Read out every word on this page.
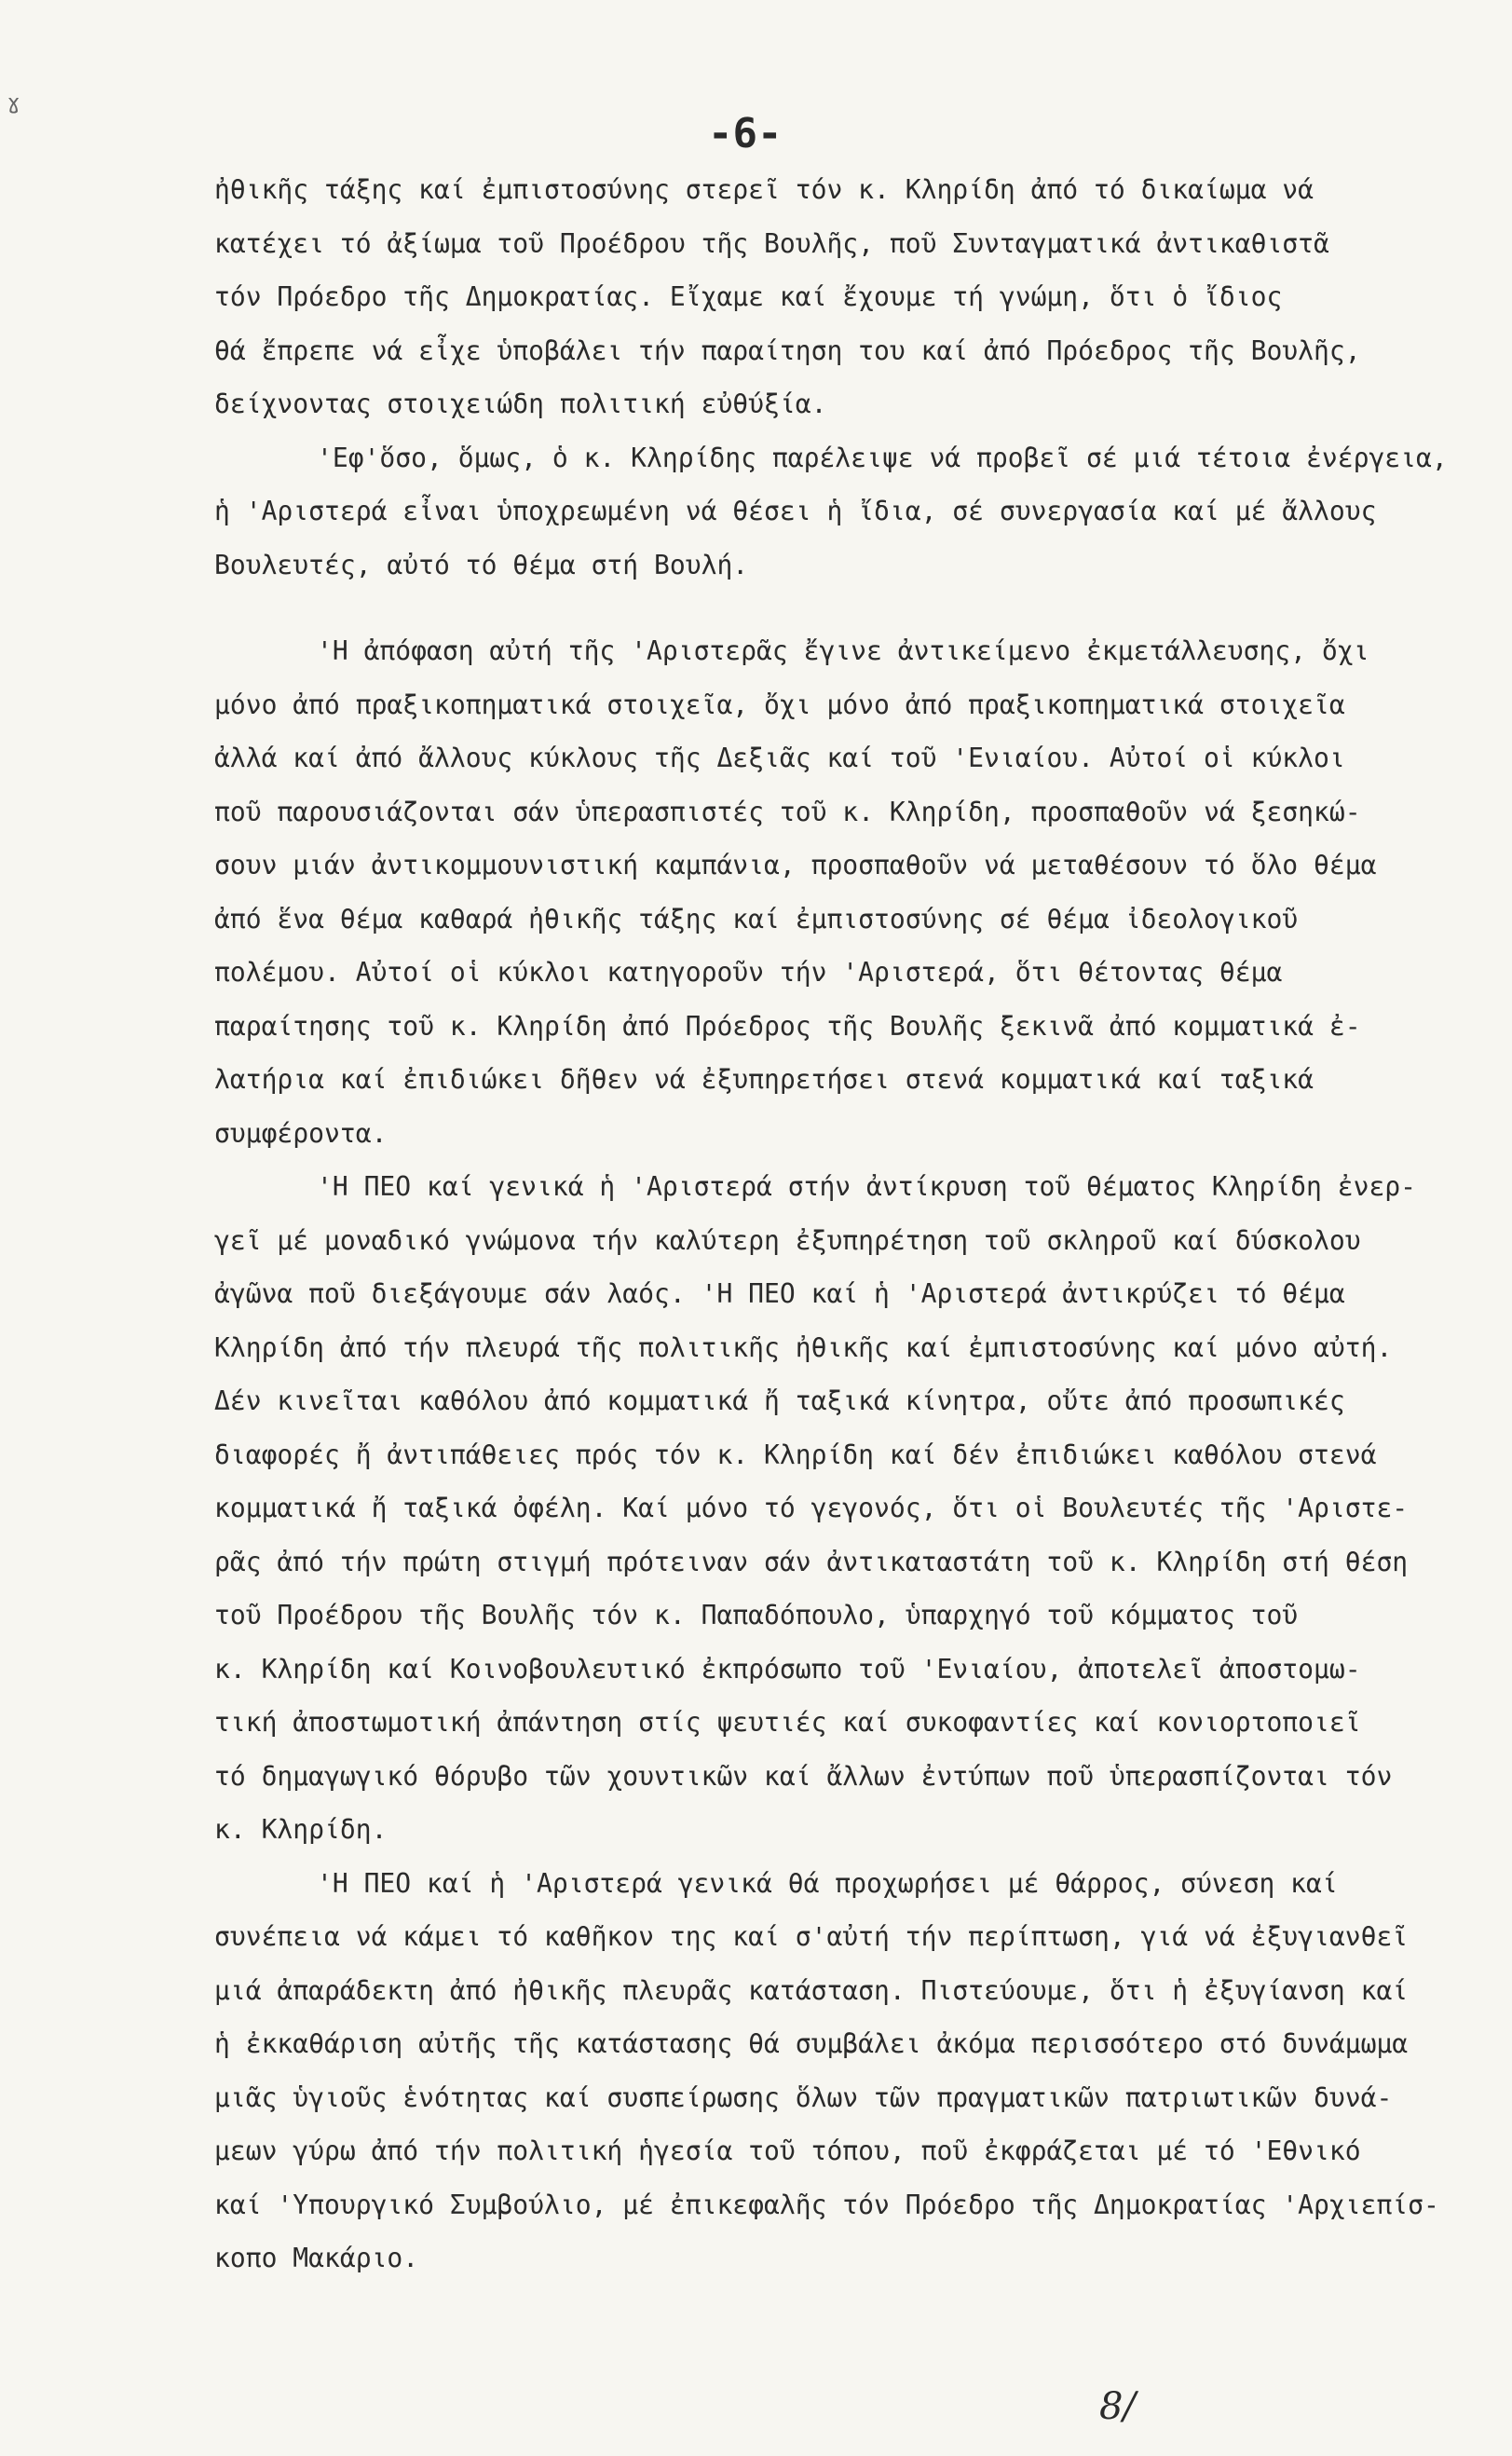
ɣ
-6-
ἠθικῆς τάξης καί ἐμπιστοσύνης στερεῖ τόν κ. Κληρίδη ἀπό τό δικαίωμα νά
κατέχει τό ἀξίωμα τοῦ Προέδρου τῆς Βουλῆς, ποῦ Συνταγματικά ἀντικαθιστᾶ
τόν Πρόεδρο τῆς Δημοκρατίας. Εἴχαμε καί ἔχουμε τή γνώμη, ὅτι ὁ ἴδιος
θά ἔπρεπε νά εἶχε ὑποβάλει τήν παραίτηση του καί ἀπό Πρόεδρος τῆς Βουλῆς,
δείχνοντας στοιχειώδη πολιτική εὐθύξία.
'Εφ'ὅσο, ὅμως, ὁ κ. Κληρίδης παρέλειψε νά προβεῖ σέ μιά τέτοια ἐνέργεια,
ἡ 'Αριστερά εἶναι ὑποχρεωμένη νά θέσει ἡ ἴδια, σέ συνεργασία καί μέ ἄλλους
Βουλευτές, αὐτό τό θέμα στή Βουλή.
'Η ἀπόφαση αὐτή τῆς 'Αριστερᾶς ἔγινε ἀντικείμενο ἐκμετάλλευσης, ὄχι
μόνο ἀπό πραξικοπηματικά στοιχεῖα, ὄχι μόνο ἀπό πραξικοπηματικά στοιχεῖα
ἀλλά καί ἀπό ἄλλους κύκλους τῆς Δεξιᾶς καί τοῦ 'Ενιαίου. Αὐτοί οἱ κύκλοι
ποῦ παρουσιάζονται σάν ὑπερασπιστές τοῦ κ. Κληρίδη, προσπαθοῦν νά ξεσηκώ-
σουν μιάν ἀντικομμουνιστική καμπάνια, προσπαθοῦν νά μεταθέσουν τό ὅλο θέμα
ἀπό ἕνα θέμα καθαρά ἠθικῆς τάξης καί ἐμπιστοσύνης σέ θέμα ἰδεολογικοῦ
πολέμου. Αὐτοί οἱ κύκλοι κατηγοροῦν τήν 'Αριστερά, ὅτι θέτοντας θέμα
παραίτησης τοῦ κ. Κληρίδη ἀπό Πρόεδρος τῆς Βουλῆς ξεκινᾶ ἀπό κομματικά ἐ-
λατήρια καί ἐπιδιώκει δῆθεν νά ἐξυπηρετήσει στενά κομματικά καί ταξικά
συμφέροντα.
'Η ΠΕΟ καί γενικά ἡ 'Αριστερά στήν ἀντίκρυση τοῦ θέματος Κληρίδη ἐνερ-
γεῖ μέ μοναδικό γνώμονα τήν καλύτερη ἐξυπηρέτηση τοῦ σκληροῦ καί δύσκολου
ἀγῶνα ποῦ διεξάγουμε σάν λαός. 'Η ΠΕΟ καί ἡ 'Αριστερά ἀντικρύζει τό θέμα
Κληρίδη ἀπό τήν πλευρά τῆς πολιτικῆς ἠθικῆς καί ἐμπιστοσύνης καί μόνο αὐτή.
Δέν κινεῖται καθόλου ἀπό κομματικά ἤ ταξικά κίνητρα, οὔτε ἀπό προσωπικές
διαφορές ἤ ἀντιπάθειες πρός τόν κ. Κληρίδη καί δέν ἐπιδιώκει καθόλου στενά
κομματικά ἤ ταξικά ὀφέλη. Καί μόνο τό γεγονός, ὅτι οἱ Βουλευτές τῆς 'Αριστε-
ρᾶς ἀπό τήν πρώτη στιγμή πρότειναν σάν ἀντικαταστάτη τοῦ κ. Κληρίδη στή θέση
τοῦ Προέδρου τῆς Βουλῆς τόν κ. Παπαδόπουλο, ὑπαρχηγό τοῦ κόμματος τοῦ
κ. Κληρίδη καί Κοινοβουλευτικό ἐκπρόσωπο τοῦ 'Ενιαίου, ἀποτελεῖ ἀποστομω-
τική ἀποστωμοτική ἀπάντηση στίς ψευτιές καί συκοφαντίες καί κονιορτοποιεῖ
τό δημαγωγικό θόρυβο τῶν χουντικῶν καί ἄλλων ἐντύπων ποῦ ὑπερασπίζονται τόν
κ. Κληρίδη.
'Η ΠΕΟ καί ἡ 'Αριστερά γενικά θά προχωρήσει μέ θάρρος, σύνεση καί
συνέπεια νά κάμει τό καθῆκον της καί σ'αὐτή τήν περίπτωση, γιά νά ἐξυγιανθεῖ
μιά ἀπαράδεκτη ἀπό ἠθικῆς πλευρᾶς κατάσταση. Πιστεύουμε, ὅτι ἡ ἐξυγίανση καί
ἡ ἐκκαθάριση αὐτῆς τῆς κατάστασης θά συμβάλει ἀκόμα περισσότερο στό δυνάμωμα
μιᾶς ὑγιοῦς ἑνότητας καί συσπείρωσης ὅλων τῶν πραγματικῶν πατριωτικῶν δυνά-
μεων γύρω ἀπό τήν πολιτική ἡγεσία τοῦ τόπου, ποῦ ἐκφράζεται μέ τό 'Εθνικό
καί 'Υπουργικό Συμβούλιο, μέ ἐπικεφαλῆς τόν Πρόεδρο τῆς Δημοκρατίας 'Αρχιεπίσ-
κοπο Μακάριο.
8/
